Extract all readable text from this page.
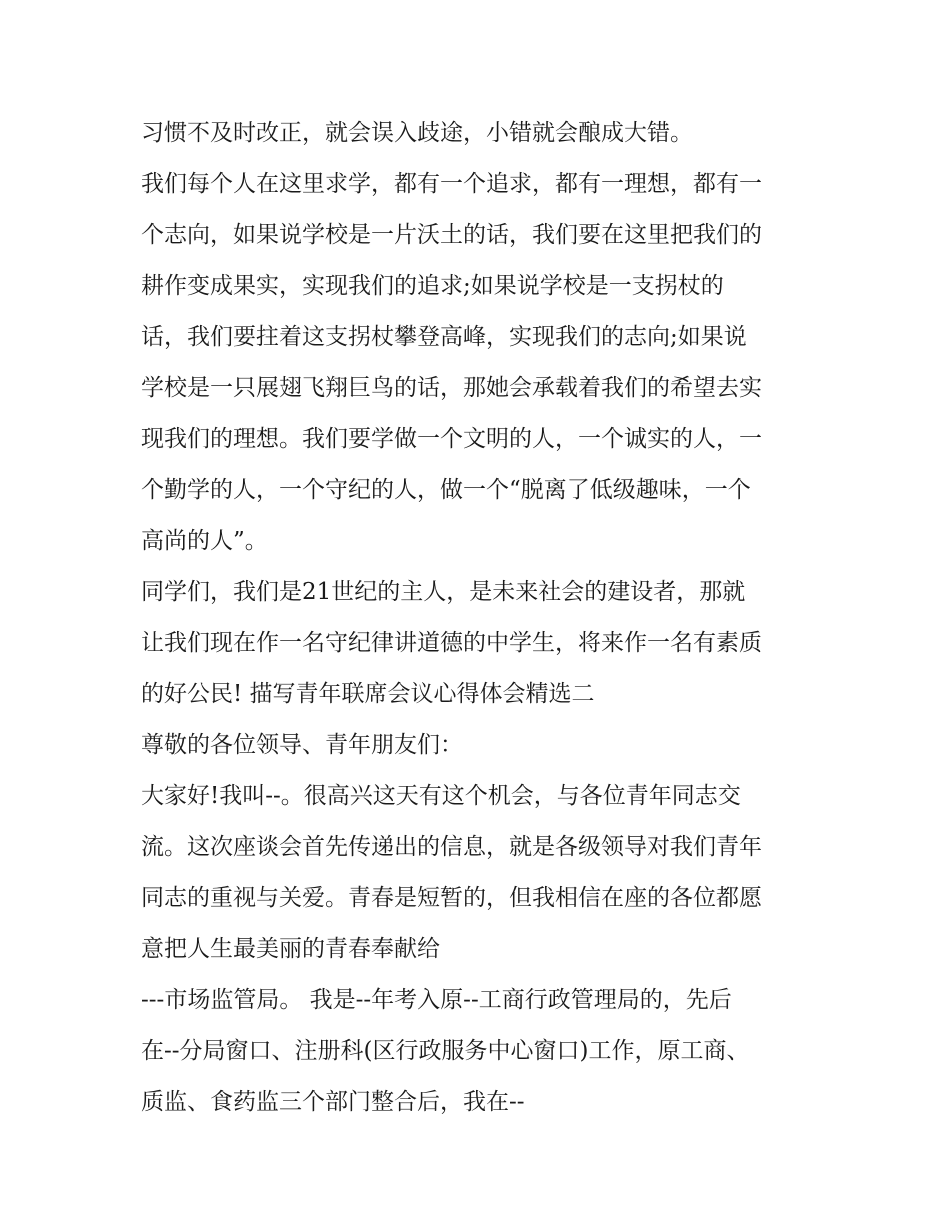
习惯不及时改正，就会误入歧途，小错就会酿成大错。
我们每个人在这里求学，都有一个追求，都有一理想，都有一
个志向，如果说学校是一片沃土的话，我们要在这里把我们的
耕作变成果实，实现我们的追求;如果说学校是一支拐杖的
话，我们要拄着这支拐杖攀登高峰，实现我们的志向;如果说
学校是一只展翅飞翔巨鸟的话，那她会承载着我们的希望去实
现我们的理想。我们要学做一个文明的人，一个诚实的人，一
个勤学的人，一个守纪的人，做一个“脱离了低级趣味，一个
高尚的人”。
同学们，我们是21世纪的主人，是未来社会的建设者，那就
让我们现在作一名守纪律讲道德的中学生，将来作一名有素质
的好公民! 描写青年联席会议心得体会精选二
尊敬的各位领导、青年朋友们：
大家好!我叫--。很高兴这天有这个机会，与各位青年同志交
流。这次座谈会首先传递出的信息，就是各级领导对我们青年
同志的重视与关爱。青春是短暂的，但我相信在座的各位都愿
意把人生最美丽的青春奉献给
---市场监管局。 我是--年考入原--工商行政管理局的，先后
在--分局窗口、注册科(区行政服务中心窗口)工作，原工商、
质监、食药监三个部门整合后，我在--
